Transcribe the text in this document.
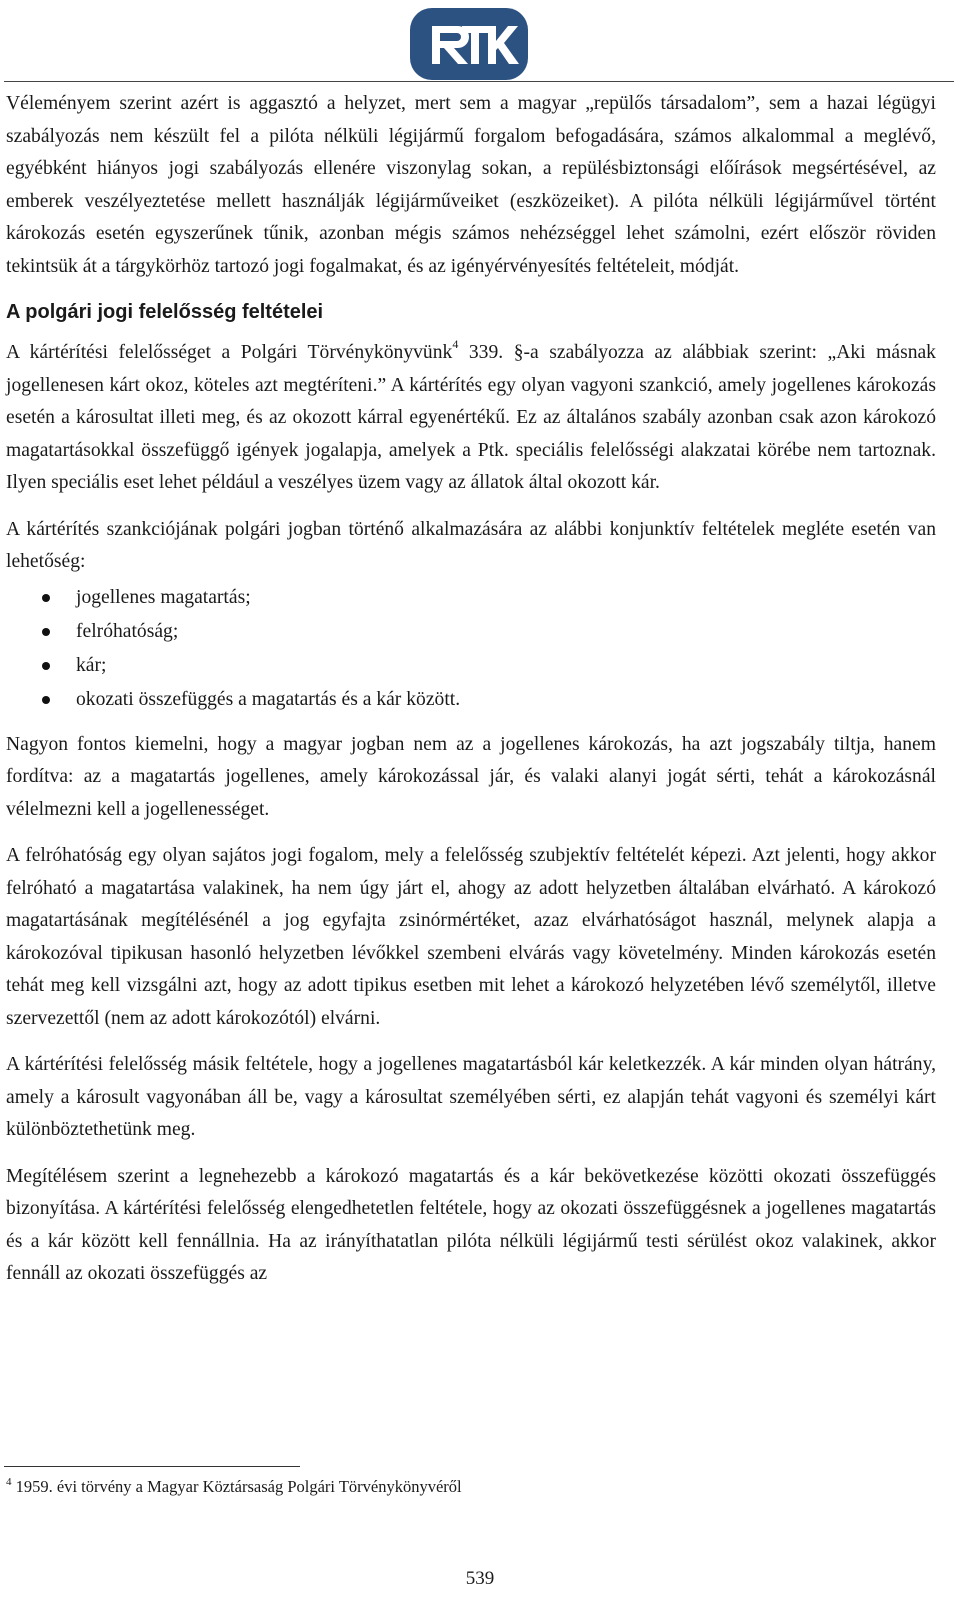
Véleményem szerint azért is aggasztó a helyzet, mert sem a magyar „repülős társadalom”, sem a hazai légügyi szabályozás nem készült fel a pilóta nélküli légijármű forgalom befogadására, számos alkalommal a meglévő, egyébként hiányos jogi szabályozás ellenére viszonylag sokan, a repülésbiztonsági előírások megsértésével, az emberek veszélyeztetése mellett használják légijárműveiket (eszközeiket). A pilóta nélküli légijárművel történt károkozás esetén egyszerűnek tűnik, azonban mégis számos nehézséggel lehet számolni, ezért először röviden tekintsük át a tárgykörhöz tartozó jogi fogalmakat, és az igényérvényesítés feltételeit, módját.

A polgári jogi felelősség feltételei

A kártérítési felelősséget a Polgári Törvénykönyvünk$^4$ 339. §-a szabályozza az alábbiak szerint: „Aki másnak jogellenesen kárt okoz, köteles azt megtéríteni.” A kártérítés egy olyan vagyoni szankció, amely jogellenes károkozás esetén a károsultat illeti meg, és az okozott kárral egyenértékű. Ez az általános szabály azonban csak azon károkozó magatartásokkal összefüggő igények jogalapja, amelyek a Ptk. speciális felelősségi alakzatai körébe nem tartoznak. Ilyen speciális eset lehet például a veszélyes üzem vagy az állatok által okozott kár.

A kártérítés szankciójának polgári jogban történő alkalmazására az alábbi konjunktív feltételek megléte esetén van lehetőség:

jogellenes magatartás;
felróhatóság;
kár;
okozati összefüggés a magatartás és a kár között.

Nagyon fontos kiemelni, hogy a magyar jogban nem az a jogellenes károkozás, ha azt jogszabály tiltja, hanem fordítva: az a magatartás jogellenes, amely károkozással jár, és valaki alanyi jogát sérti, tehát a károkozásnál vélelmezni kell a jogellenességet.

A felróhatóság egy olyan sajátos jogi fogalom, mely a felelősség szubjektív feltételét képezi. Azt jelenti, hogy akkor felróható a magatartása valakinek, ha nem úgy járt el, ahogy az adott helyzetben általában elvárható. A károkozó magatartásának megítélésénél a jog egyfajta zsinórmértéket, azaz elvárhatóságot használ, melynek alapja a károkozóval tipikusan hasonló helyzetben lévőkkel szembeni elvárás vagy követelmény. Minden károkozás esetén tehát meg kell vizsgálni azt, hogy az adott tipikus esetben mit lehet a károkozó helyzetében lévő személytől, illetve szervezettől (nem az adott károkozótól) elvárni.

A kártérítési felelősség másik feltétele, hogy a jogellenes magatartásból kár keletkezzék. A kár minden olyan hátrány, amely a károsult vagyonában áll be, vagy a károsultat személyében sérti, ez alapján tehát vagyoni és személyi kárt különböztethetünk meg.

Megítélésem szerint a legnehezebb a károkozó magatartás és a kár bekövetkezése közötti okozati összefüggés bizonyítása. A kártérítési felelősség elengedhetetlen feltétele, hogy az okozati összefüggésnek a jogellenes magatartás és a kár között kell fennállnia. Ha az irányíthatatlan pilóta nélküli légijármű testi sérülést okoz valakinek, akkor fennáll az okozati összefüggés az

$^4$ 1959. évi törvény a Magyar Köztársaság Polgári Törvénykönyvéről
539
